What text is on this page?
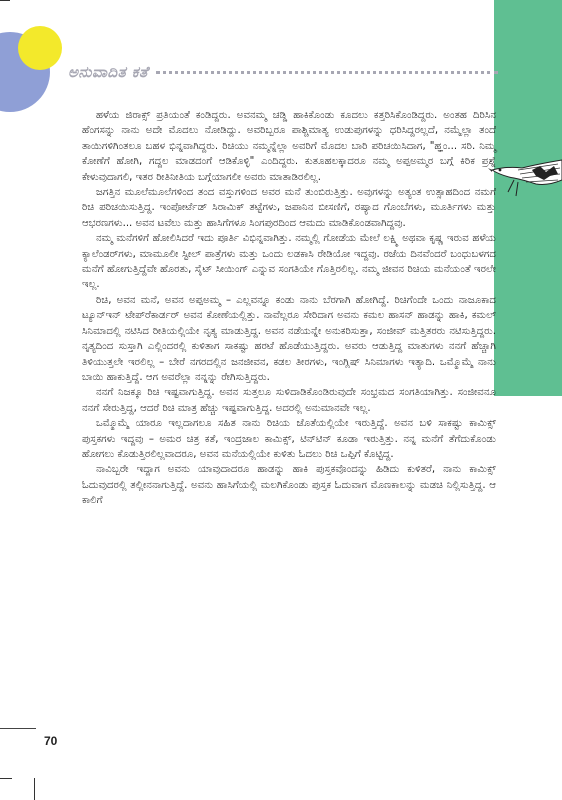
ಅನುವಾದಿತ ಕತೆ

ಹಳೆಯ ಜಿರಾಕ್ಸ್ ಪ್ರತಿಯಂತೆ ಕಂಡಿದ್ದರು. ಅವನಮ್ಮ ಚಡ್ಡಿ ಹಾಕಿಕೊಂಡು ಕೂದಲು ಕತ್ತರಿಸಿಕೊಂಡಿದ್ದರು. ಅಂತಹ ದಿರಿಸಿನ ಹೆಂಗಸನ್ನು ನಾನು ಅದೇ ಮೊದಲು ನೋಡಿದ್ದು. ಅವರಿಬ್ಬರೂ ಪಾಶ್ಚಿಮಾತ್ಯ ಉಡುಪುಗಳನ್ನು ಧರಿಸಿದ್ದರಲ್ಲದೆ, ನಮ್ಮೆಲ್ಲಾ ತಂದೆ ತಾಯಿಗಳಿಗಿಂತಲೂ ಬಹಳ ಭಿನ್ನವಾಗಿದ್ದರು. ರಿಚಿಯು ನಮ್ಮನ್ನೆಲ್ಲಾ ಅವರಿಗೆ ಮೊದಲ ಬಾರಿ ಪರಿಚಯಿಸಿದಾಗ, "ಹ್ಞಂ... ಸರಿ. ನಿಮ್ಮ ಕೋಣೆಗೆ ಹೋಗಿ, ಗದ್ದಲ ಮಾಡದಂಗೆ ಆಡಿಕೊಳ್ಳಿ" ಎಂದಿದ್ದರು. ಕುತೂಹಲಕ್ಕಾದರೂ ನಮ್ಮ ಅಪ್ಪ‌ಅಮ್ಮರ ಬಗ್ಗೆ ಕಿರಿಕ ಪ್ರಶ್ನೆ ಕೇಳುವುದಾಗಲಿ, ಇತರ ರೀತಿನೀತಿಯ ಬಗ್ಗೆಯಾಗಲೀ ಅವರು ಮಾತಾಡಿರಲಿಲ್ಲ.

ಜಗತ್ತಿನ ಮೂಲೆಮೂಲೆಗಳಿಂದ ತಂದ ವಸ್ತುಗಳಿಂದ ಅವರ ಮನೆ ತುಂಬಿರುತ್ತಿತ್ತು. ಅವುಗಳನ್ನು ಅತ್ಯಂತ ಉತ್ಸಾಹದಿಂದ ನಮಗೆ ರಿಚಿ ಪರಿಚಯಿಸುತ್ತಿದ್ದ. ಇಂಪೋರ್ಟೆಡ್ ಸಿರಾಮಿಕ್ ತಟ್ಟೆಗಳು, ಜಪಾನಿನ ಬೀಸಣಿಗೆ, ರಷ್ಯಾದ ಗೊಂಬೆಗಳು, ಮೂರ್ತಿಗಳು ಮತ್ತು ಆಭರಣಗಳು... ಅವನ ಟವೆಲು ಮತ್ತು ಹಾಸಿಗೆಗಳೂ ಸಿಂಗಪುರದಿಂದ ಆಮದು ಮಾಡಿಕೊಂಡವಾಗಿದ್ದವು.

ನಮ್ಮ ಮನೆಗಳಿಗೆ ಹೋಲಿಸಿದರೆ ಇದು ಪೂರ್ತಿ ವಿಭಿನ್ನವಾಗಿತ್ತು. ನಮ್ಮಲ್ಲಿ ಗೋಡೆಯ ಮೇಲೆ ಲಕ್ಷ್ಮಿ ಅಥವಾ ಕೃಷ್ಣ ಇರುವ ಹಳೆಯ ಕ್ಯಾಲೆಂಡರ್‌ಗಳು, ಮಾಮೂಲೀ ಸ್ಟೀಲ್ ಪಾತ್ರೆಗಳು ಮತ್ತು ಒಂದು ಲಡಕಾಸಿ ರೇಡಿಯೋ ಇದ್ದವು. ರಜೆಯ ದಿನವೆಂದರೆ ಬಂಧುಬಳಗದ ಮನೆಗೆ ಹೋಗುತ್ತಿದ್ದೆವೇ ಹೊರತು, ಸೈಟ್ ಸೀಯಿಂಗ್ ಎನ್ನುವ ಸಂಗತಿಯೇ ಗೊತ್ತಿರಲಿಲ್ಲ. ನಮ್ಮ ಜೀವನ ರಿಚಿಯ ಮನೆಯಂತೆ ಇರಲೇ ಇಲ್ಲ.

ರಿಚಿ, ಅವನ ಮನೆ, ಅವನ ಅಪ್ಪ‌ಅಮ್ಮ – ಎಲ್ಲವನ್ನೂ ಕಂಡು ನಾನು ಬೆರಗಾಗಿ ಹೋಗಿದ್ದೆ. ರಿಚಿಗೆಂದೇ ಒಂದು ನಾಜೂಕಾದ ಟ್ಯೂನ್‌ಇನ್ ಟೇಪ್‌ರೆಕಾರ್ಡರ್ ಅವನ ಕೋಣೆಯಲ್ಲಿತ್ತು. ನಾವೆಲ್ಲರೂ ಸೇರಿದಾಗ ಅವನು ಕಮಲ ಹಾಸನ್ ಹಾಡನ್ನು ಹಾಕಿ, ಕಮಲ್ ಸಿನಿಮಾದಲ್ಲಿ ನಟಿಸಿದ ರೀತಿಯಲ್ಲಿಯೇ ನೃತ್ಯ ಮಾಡುತ್ತಿದ್ದ. ಅವನ ನಡೆಯನ್ನೇ ಅನುಕರಿಸುತ್ತಾ, ಸಂಜೀವ್ ಮತ್ತಿತರರು ನಟಿಸುತ್ತಿದ್ದರು. ನೃತ್ಯದಿಂದ ಸುಸ್ತಾಗಿ ಎಲ್ಲಿಂದರಲ್ಲಿ ಕುಳಿತಾಗ ಸಾಕಷ್ಟು ಹರಟೆ ಹೊಡೆಯುತ್ತಿದ್ದರು. ಅವರು ಆಡುತ್ತಿದ್ದ ಮಾತುಗಳು ನನಗೆ ಹೆಚ್ಚಾಗಿ ತಿಳಿಯುತ್ತಲೇ ಇರಲಿಲ್ಲ – ಬೇರೆ ನಗರದಲ್ಲಿನ ಜನಜೀವನ, ಕಡಲ ತೀರಗಳು, ಇಂಗ್ಲಿಷ್ ಸಿನಿಮಾಗಳು ಇತ್ಯಾದಿ. ಒಮ್ಮೊಮ್ಮೆ ನಾನು ಬಾಯಿ ಹಾಕುತ್ತಿದ್ದೆ. ಆಗ ಅವರೆಲ್ಲಾ ನನ್ನನ್ನು ರೇಗಿಸುತ್ತಿದ್ದರು.

ನನಗೆ ನಿಜಕ್ಕೂ ರಿಚಿ ಇಷ್ಟವಾಗುತ್ತಿದ್ದ. ಅವನ ಸುತ್ತಲೂ ಸುಳಿದಾಡಿಕೊಂಡಿರುವುದೇ ಸಂಭ್ರಮದ ಸಂಗತಿಯಾಗಿತ್ತು. ಸಂಜೀವನೂ ನನಗೆ ಸೇರುತ್ತಿದ್ದ, ಆದರೆ ರಿಚಿ ಮಾತ್ರ ಹೆಚ್ಚು ಇಷ್ಟವಾಗುತ್ತಿದ್ದ. ಅದರಲ್ಲಿ ಅನುಮಾನವೇ ಇಲ್ಲ.

ಒಮ್ಮೊಮ್ಮೆ ಯಾರೂ ಇಲ್ಲದಾಗಲೂ ಸಹಿತ ನಾನು ರಿಚಿಯ ಜೊತೆಯಲ್ಲಿಯೇ ಇರುತ್ತಿದ್ದೆ. ಅವನ ಬಳಿ ಸಾಕಷ್ಟು ಕಾಮಿಕ್ಸ್ ಪುಸ್ತಕಗಳು ಇದ್ದವು – ಅಮರ ಚಿತ್ರ ಕತೆ, ಇಂದ್ರಜಾಲ ಕಾಮಿಕ್ಸ್, ಟಿನ್‌ಟಿನ್ ಕೂಡಾ ಇರುತ್ತಿತ್ತು. ನನ್ನ ಮನೆಗೆ ತೆಗೆದುಕೊಂಡು ಹೋಗಲು ಕೊಡುತ್ತಿರಲಿಲ್ಲವಾದರೂ, ಅವನ ಮನೆಯಲ್ಲಿಯೇ ಕುಳಿತು ಓದಲು ರಿಚಿ ಒಪ್ಪಿಗೆ ಕೊಟ್ಟಿದ್ದ.

ನಾವಿಬ್ಬರೇ ಇದ್ದಾಗ ಅವನು ಯಾವುದಾದರೂ ಹಾಡನ್ನು ಹಾಕಿ ಪುಸ್ತಕವೊಂದನ್ನು ಹಿಡಿದು ಕುಳಿತರೆ, ನಾನು ಕಾಮಿಕ್ಸ್ ಓದುವುದರಲ್ಲಿ ತಲ್ಲೀನನಾಗುತ್ತಿದ್ದೆ. ಅವನು ಹಾಸಿಗೆಯಲ್ಲಿ ಮಲಗಿಕೊಂಡು ಪುಸ್ತಕ ಓದುವಾಗ ಮೊಣಕಾಲನ್ನು ಮಡಚಿ ನಿಲ್ಲಿಸುತ್ತಿದ್ದ. ಆ ಕಾಲಿಗೆ

70
